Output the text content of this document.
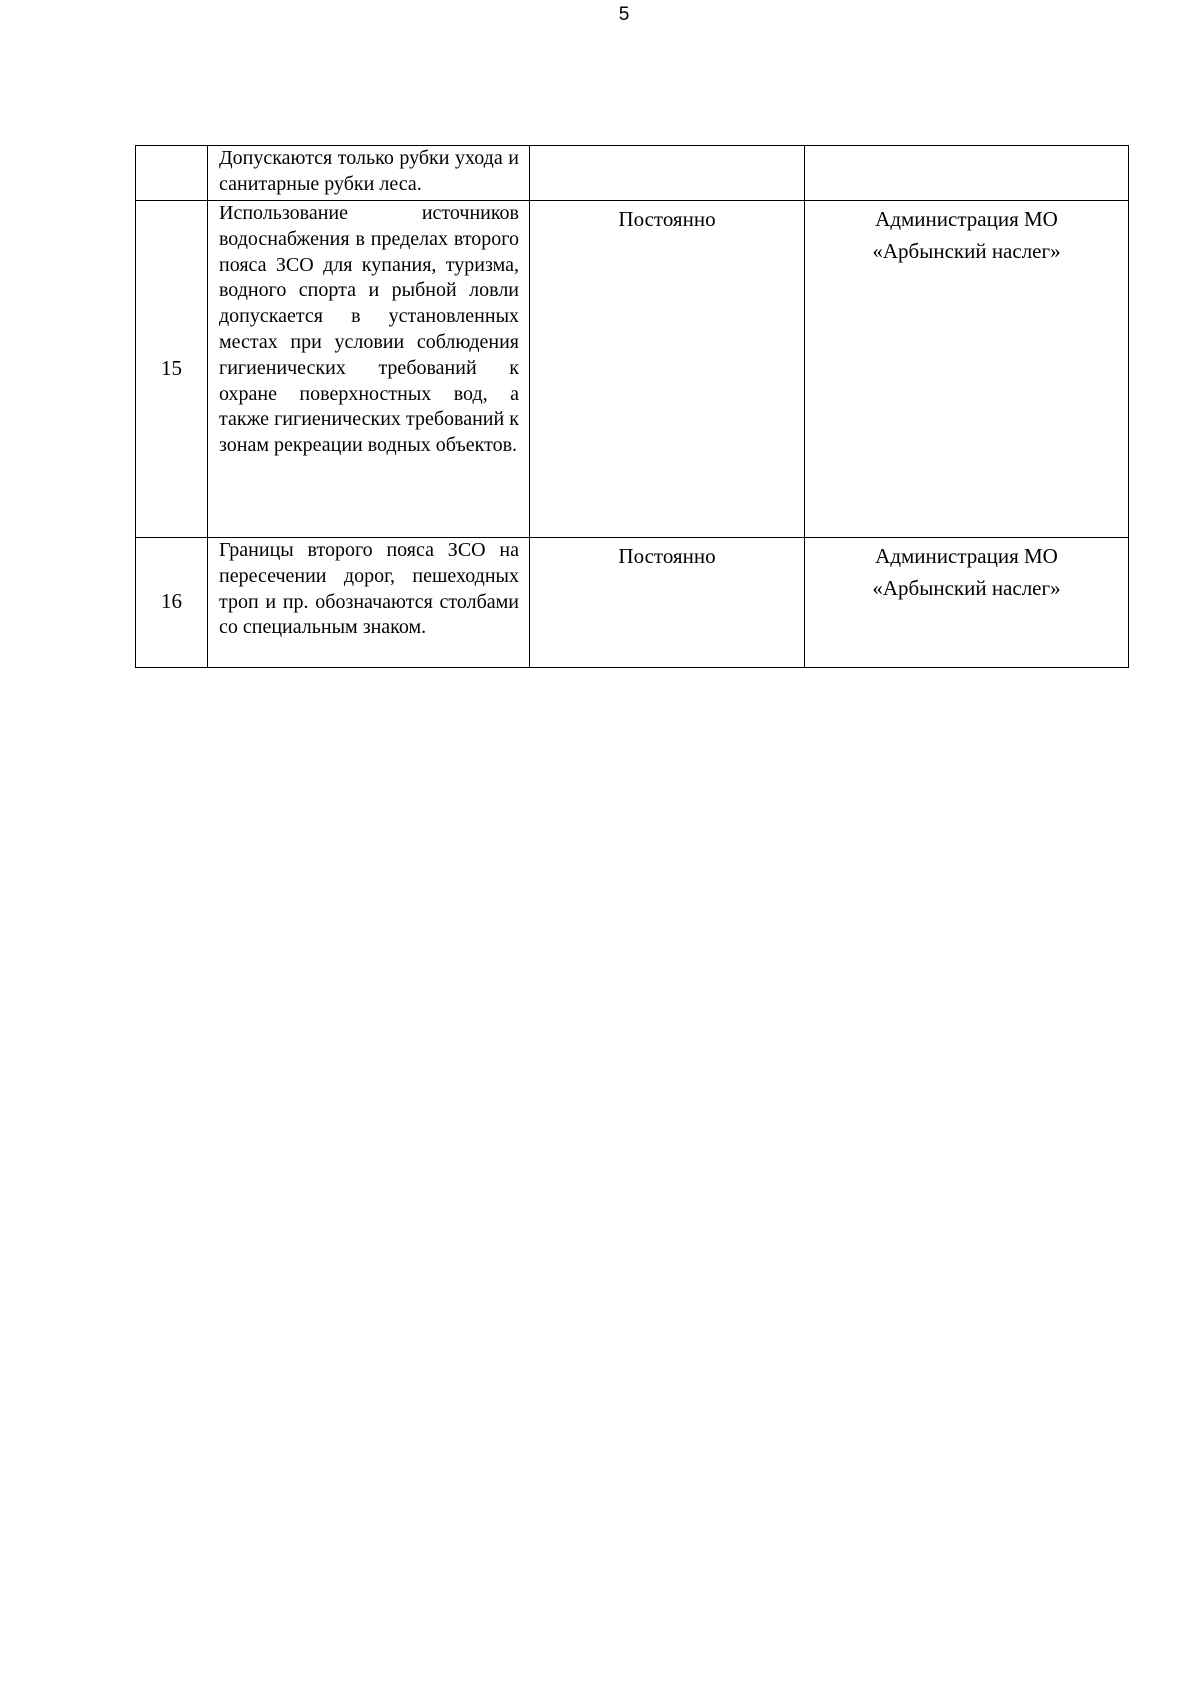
5

	Допускаются только рубки ухода и санитарные рубки леса.		

15	Использование источников водоснабжения в пределах второго пояса ЗСО для купания, туризма, водного спорта и рыбной ловли допускается в установленных местах при условии соблюдения гигиенических требований к охране поверхностных вод, а также гигиенических требований к зонам рекреации водных объектов.	Постоянно	Администрация МО
«Арбынский наслег»

16	Границы второго пояса ЗСО на пересечении дорог, пешеходных троп и пр. обозначаются столбами со специальным знаком.	Постоянно	Администрация МО
«Арбынский наслег»
